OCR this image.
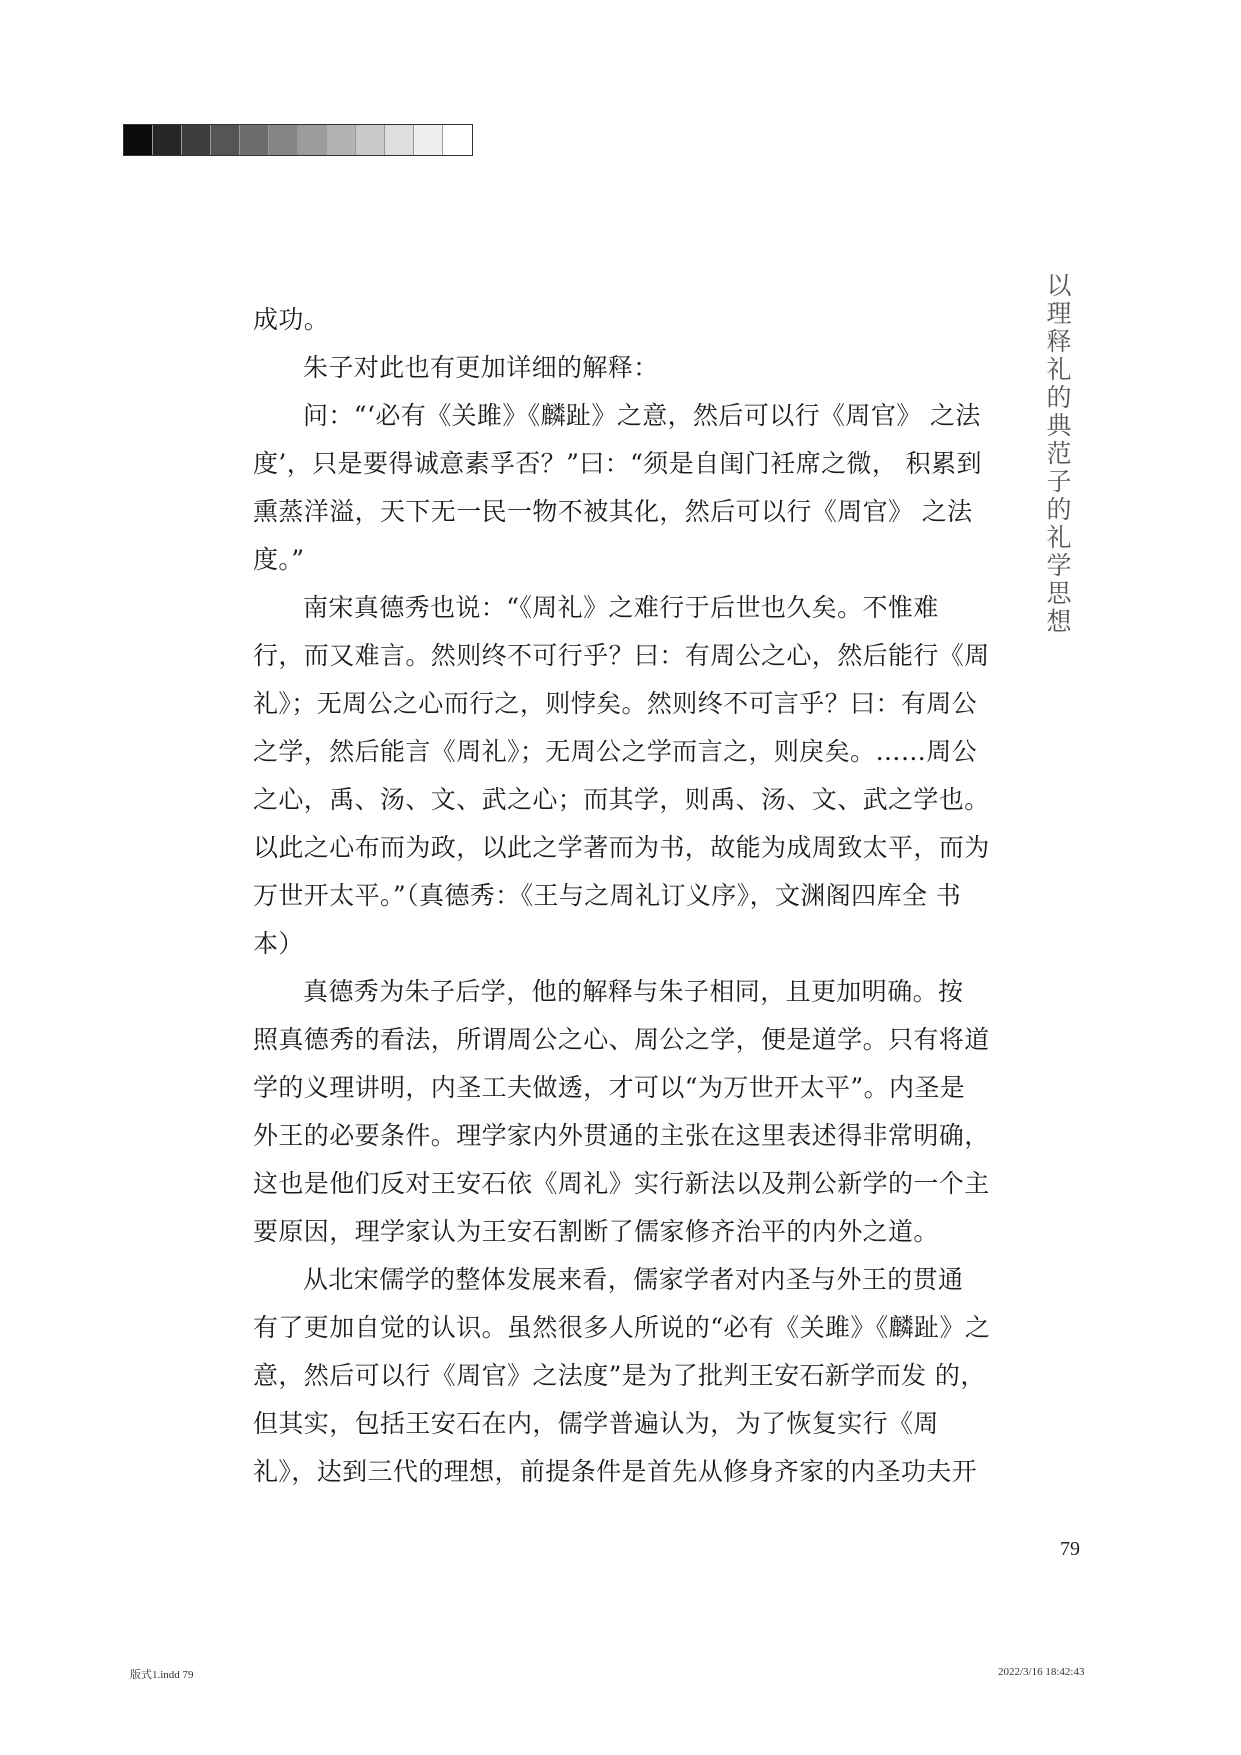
以
理
释
礼
的
典
范
子
的
礼
学
思
想

成功。

朱子对此也有更加详细的解释：

问：“‘必有《关雎》《麟趾》之意，然后可以行《周官》 之法度’，只是要得诚意素孚否？”曰：“须是自闺门衽席之微， 积累到熏蒸洋溢，天下无一民一物不被其化，然后可以行《周官》 之法度。”

南宋真德秀也说：“《周礼》之难行于后世也久矣。不惟难 行，而又难言。然则终不可行乎？曰：有周公之心，然后能行《周 礼》；无周公之心而行之，则悖矣。然则终不可言乎？曰：有周公 之学，然后能言《周礼》；无周公之学而言之，则戾矣。……周公 之心，禹、汤、文、武之心；而其学，则禹、汤、文、武之学也。 以此之心布而为政，以此之学著而为书，故能为成周致太平，而为 万世开太平。”（真德秀：《王与之周礼订义序》，文渊阁四库全 书本）

真德秀为朱子后学，他的解释与朱子相同，且更加明确。按 照真德秀的看法，所谓周公之心、周公之学，便是道学。只有将道 学的义理讲明，内圣工夫做透，才可以“为万世开太平”。内圣是 外王的必要条件。理学家内外贯通的主张在这里表述得非常明确， 这也是他们反对王安石依《周礼》实行新法以及荆公新学的一个主 要原因，理学家认为王安石割断了儒家修齐治平的内外之道。

从北宋儒学的整体发展来看，儒家学者对内圣与外王的贯通 有了更加自觉的认识。虽然很多人所说的“必有《关雎》《麟趾》之意，然后可以行《周官》之法度”是为了批判王安石新学而发 的，但其实，包括王安石在内，儒学普遍认为，为了恢复实行《周 礼》，达到三代的理想，前提条件是首先从修身齐家的内圣功夫开

79
版式1.indd 79	2022/3/16 18:42:43
